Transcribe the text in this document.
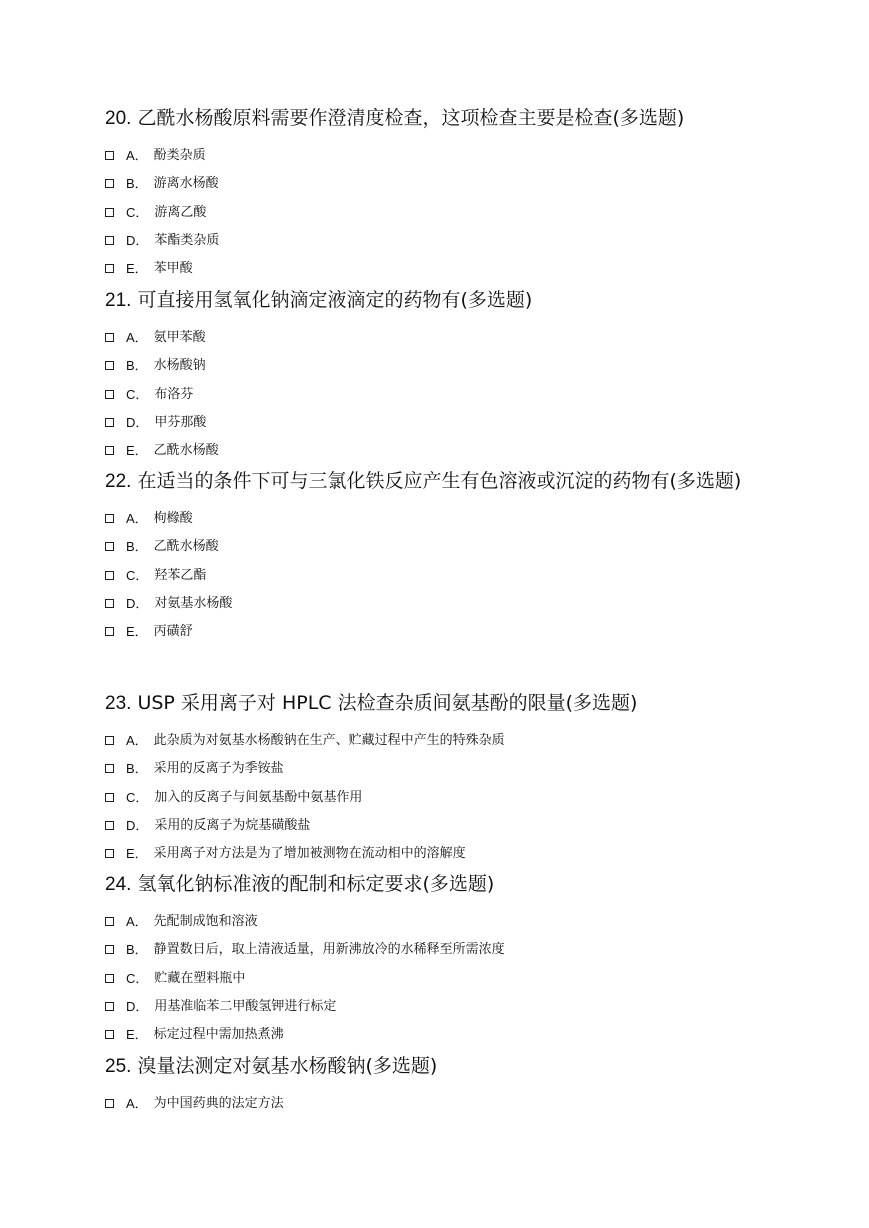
20. 乙酰水杨酸原料需要作澄清度检查，这项检查主要是检查(多选题)

A． 酚类杂质
B． 游离水杨酸
C． 游离乙酸
D． 苯酯类杂质
E． 苯甲酸

21. 可直接用氢氧化钠滴定液滴定的药物有(多选题)

A． 氨甲苯酸
B． 水杨酸钠
C． 布洛芬
D． 甲芬那酸
E． 乙酰水杨酸

22. 在适当的条件下可与三氯化铁反应产生有色溶液或沉淀的药物有(多选题)

A． 枸橼酸
B． 乙酰水杨酸
C． 羟苯乙酯
D． 对氨基水杨酸
E． 丙磺舒

23. USP 采用离子对 HPLC 法检查杂质间氨基酚的限量(多选题)

A． 此杂质为对氨基水杨酸钠在生产、贮藏过程中产生的特殊杂质
B． 采用的反离子为季铵盐
C． 加入的反离子与间氨基酚中氨基作用
D． 采用的反离子为烷基磺酸盐
E． 采用离子对方法是为了增加被测物在流动相中的溶解度

24. 氢氧化钠标准液的配制和标定要求(多选题)

A． 先配制成饱和溶液
B． 静置数日后，取上清液适量，用新沸放冷的水稀释至所需浓度
C． 贮藏在塑料瓶中
D． 用基准临苯二甲酸氢钾进行标定
E． 标定过程中需加热煮沸

25. 溴量法测定对氨基水杨酸钠(多选题)

A． 为中国药典的法定方法
